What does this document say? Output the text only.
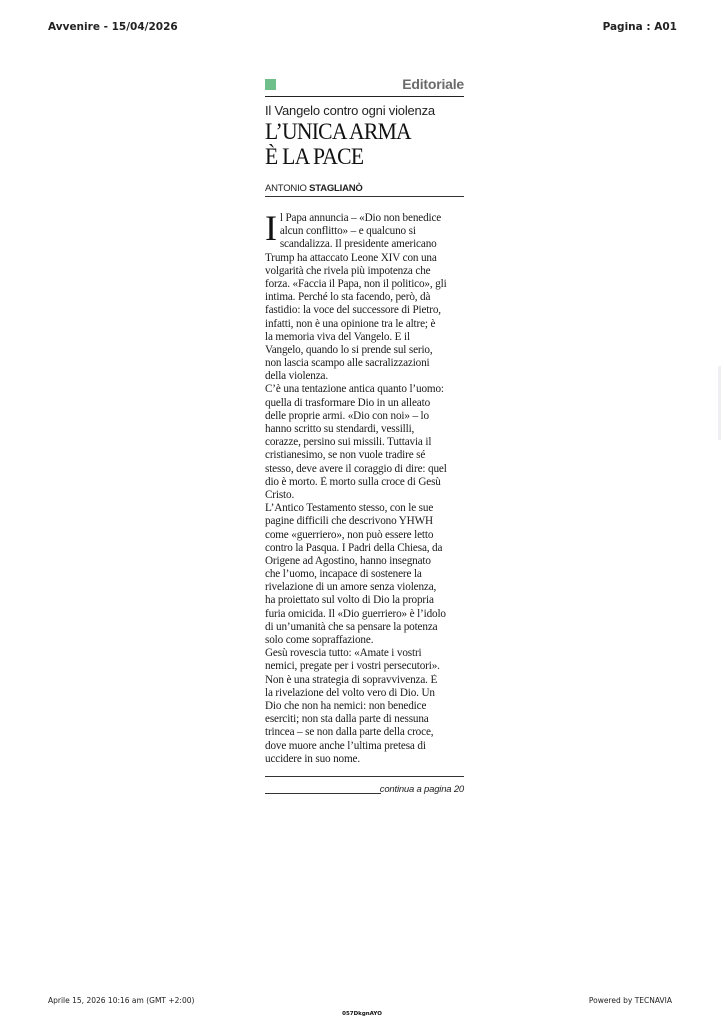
Avvenire - 15/04/2026	Pagina : A01
Editoriale
Il Vangelo contro ogni violenza
L’UNICA ARMA
È LA PACE
ANTONIO STAGLIANÒ
I l Papa annuncia – «Dio non benedice
alcun conflitto» – e qualcuno si
scandalizza. Il presidente americano
Trump ha attaccato Leone XIV con una
volgarità che rivela più impotenza che
forza. «Faccia il Papa, non il politico», gli
intima. Perché lo sta facendo, però, dà
fastidio: la voce del successore di Pietro,
infatti, non è una opinione tra le altre; è
la memoria viva del Vangelo. E il
Vangelo, quando lo si prende sul serio,
non lascia scampo alle sacralizzazioni
della violenza.
C’è una tentazione antica quanto l’uomo:
quella di trasformare Dio in un alleato
delle proprie armi. «Dio con noi» – lo
hanno scritto su stendardi, vessilli,
corazze, persino sui missili. Tuttavia il
cristianesimo, se non vuole tradire sé
stesso, deve avere il coraggio di dire: quel
dio è morto. È morto sulla croce di Gesù
Cristo.
L’Antico Testamento stesso, con le sue
pagine difficili che descrivono YHWH
come «guerriero», non può essere letto
contro la Pasqua. I Padri della Chiesa, da
Origene ad Agostino, hanno insegnato
che l’uomo, incapace di sostenere la
rivelazione di un amore senza violenza,
ha proiettato sul volto di Dio la propria
furia omicida. Il «Dio guerriero» è l’idolo
di un’umanità che sa pensare la potenza
solo come sopraffazione.
Gesù rovescia tutto: «Amate i vostri
nemici, pregate per i vostri persecutori».
Non è una strategia di sopravvivenza. È
la rivelazione del volto vero di Dio. Un
Dio che non ha nemici: non benedice
eserciti; non sta dalla parte di nessuna
trincea – se non dalla parte della croce,
dove muore anche l’ultima pretesa di
uccidere in suo nome.
continua a pagina 20
Aprile 15, 2026 10:16 am (GMT +2:00)	Powered by TECNAVIA
057DkgnAYO
